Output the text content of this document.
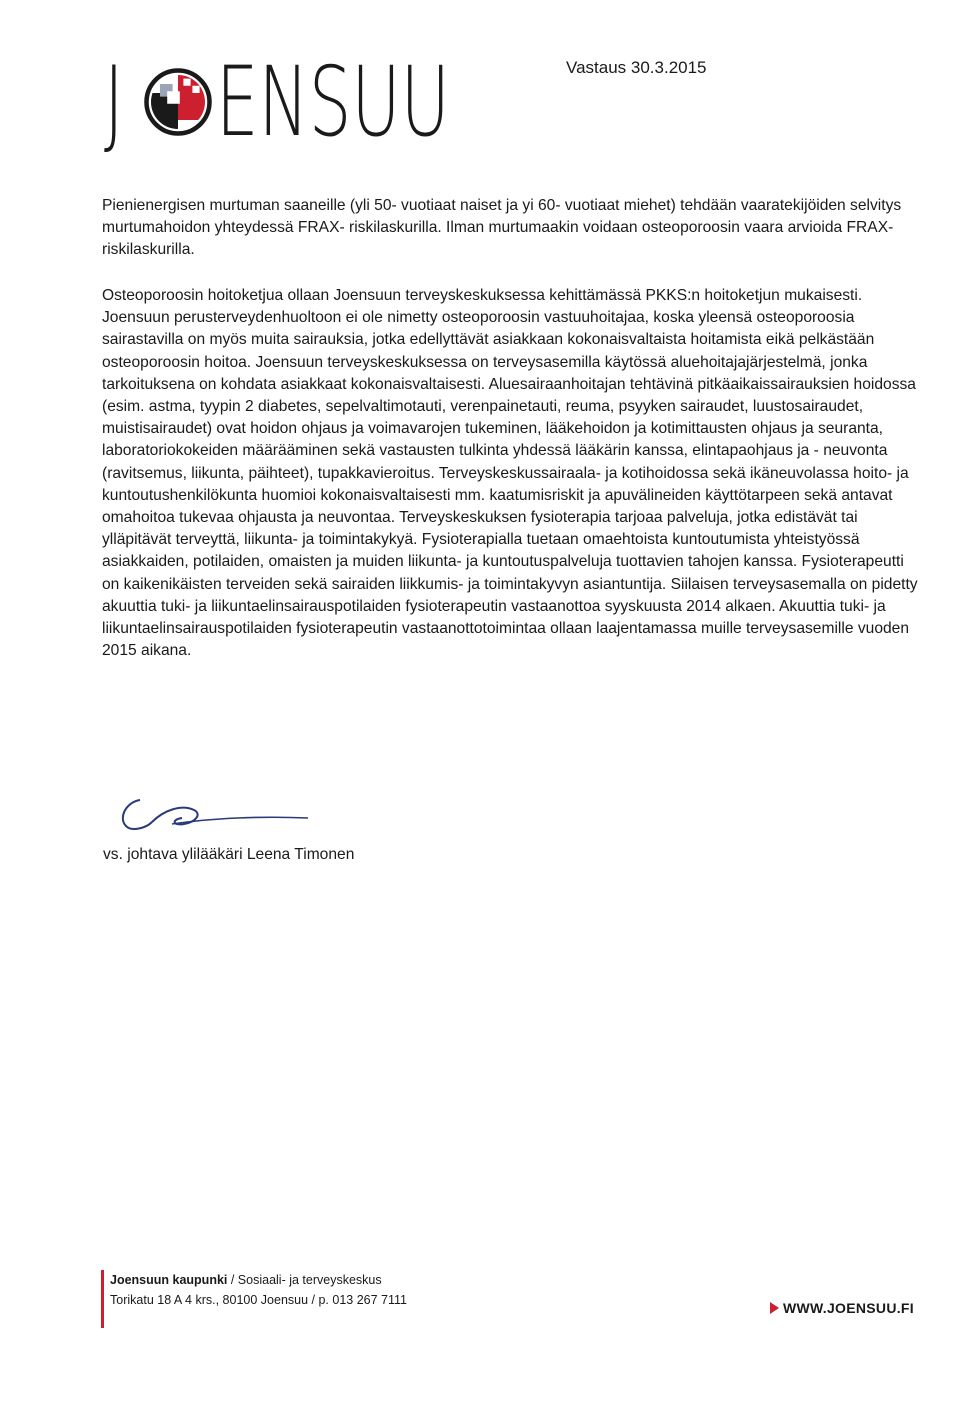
J ENSUU	Vastaus 30.3.2015

Pienienergisen murtuman saaneille (yli 50- vuotiaat naiset ja yi 60- vuotiaat miehet) tehdään vaaratekijöiden selvitys murtumahoidon yhteydessä FRAX- riskilaskurilla. Ilman murtumaakin voidaan osteoporoosin vaara arvioida FRAX- riskilaskurilla.

Osteoporoosin hoitoketjua ollaan Joensuun terveyskeskuksessa kehittämässä PKKS:n hoitoketjun mukaisesti. Joensuun perusterveydenhuoltoon ei ole nimetty osteoporoosin vastuuhoitajaa, koska yleensä osteoporoosia sairastavilla on myös muita sairauksia, jotka edellyttävät asiakkaan kokonaisvaltaista hoitamista eikä pelkästään osteoporoosin hoitoa. Joensuun terveyskeskuksessa on terveysasemilla käytössä aluehoitajajärjestelmä, jonka tarkoituksena on kohdata asiakkaat kokonaisvaltaisesti. Aluesairaanhoitajan tehtävinä pitkäaikaissairauksien hoidossa (esim. astma, tyypin 2 diabetes, sepelvaltimotauti, verenpainetauti, reuma, psyyken sairaudet, luustosairaudet, muistisairaudet) ovat hoidon ohjaus ja voimavarojen tukeminen, lääkehoidon ja kotimittausten ohjaus ja seuranta, laboratoriokokeiden määrääminen sekä vastausten tulkinta yhdessä lääkärin kanssa, elintapaohjaus ja - neuvonta (ravitsemus, liikunta, päihteet), tupakkavieroitus. Terveyskeskussairaala- ja kotihoidossa sekä ikäneuvolassa hoito- ja kuntoutushenkilökunta huomioi kokonaisvaltaisesti mm. kaatumisriskit ja apuvälineiden käyttötarpeen sekä antavat omahoitoa tukevaa ohjausta ja neuvontaa. Terveyskeskuksen fysioterapia tarjoaa palveluja, jotka edistävät tai ylläpitävät terveyttä, liikunta- ja toimintakykyä. Fysioterapialla tuetaan omaehtoista kuntoutumista yhteistyössä asiakkaiden, potilaiden, omaisten ja muiden liikunta- ja kuntoutuspalveluja tuottavien tahojen kanssa. Fysioterapeutti on kaikenikäisten terveiden sekä sairaiden liikkumis- ja toimintakyvyn asiantuntija. Siilaisen terveysasemalla on pidetty akuuttia tuki- ja liikuntaelinsairauspotilaiden fysioterapeutin vastaanottoa syyskuusta 2014 alkaen. Akuuttia tuki- ja liikuntaelinsairauspotilaiden fysioterapeutin vastaanottotoimintaa ollaan laajentamassa muille terveysasemille vuoden 2015 aikana.

vs. johtava ylilääkäri Leena Timonen
Joensuun kaupunki / Sosiaali- ja terveyskeskus
Torikatu 18 A 4 krs., 80100 Joensuu / p. 013 267 7111	WWW.JOENSUU.FI
